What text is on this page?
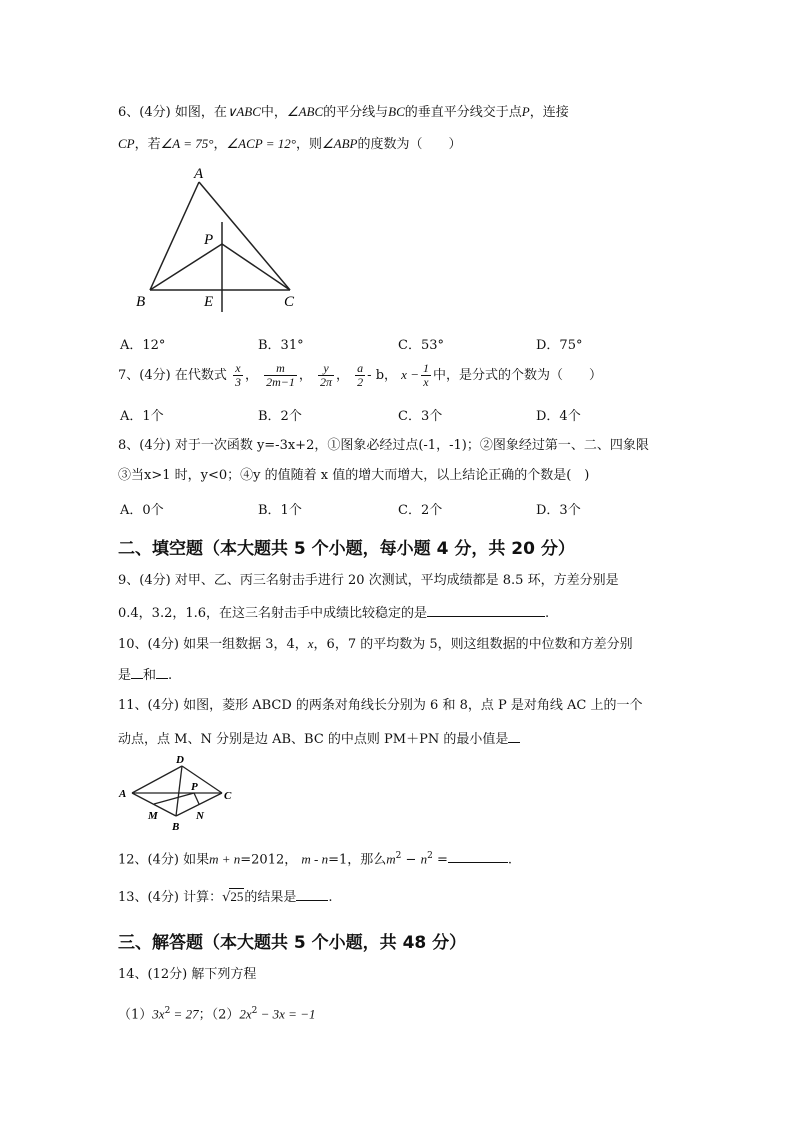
6、(4分) 如图，在∨ABC中，∠ABC的平分线与BC的垂直平分线交于点P，连接
CP，若∠A = 75°，∠ACP = 12°，则∠ABP的度数为（　　）
A
P
B	E	C
A．12°	B．31°	C．53°	D．75°
7、(4分) 在代数式 $\frac{x}{3}$ ， $\frac{m}{2m-1}$ ， $\frac{y}{2\pi}$ ， $\frac{a}{2}$ - b， $x - \frac{1}{x}$ 中，是分式的个数为（　　）
A．1个	B．2个	C．3个	D．4个
8、(4分) 对于一次函数 y=-3x+2，①图象必经过点(-1，-1)；②图象经过第一、二、四象限
③当x>1 时，y<0；④y 的值随着 x 值的增大而增大，以上结论正确的个数是(　)
A．0个	B．1个	C．2个	D．3个
二、填空题（本大题共 5 个小题，每小题 4 分，共 20 分）
9、(4分) 对甲、乙、丙三名射击手进行 20 次测试，平均成绩都是 8.5 环，方差分别是
0.4，3.2，1.6，在这三名射击手中成绩比较稳定的是	.
10、(4分) 如果一组数据 3，4，x，6，7 的平均数为 5，则这组数据的中位数和方差分别
是 和 .
11、(4分) 如图，菱形 ABCD 的两条对角线长分别为 6 和 8，点 P 是对角线 AC 上的一个
动点，点 M、N 分别是边 AB、BC 的中点则 PM＋PN 的最小值是
D
A
P
C
M	N
B
12、(4分) 如果m + n=2012， m - n=1，那么$m^2 - n^2$ =	.
13、(4分) 计算：√25的结果是 .
三、解答题（本大题共 5 个小题，共 48 分）
14、(12分) 解下列方程
$(1)3x^2 = 27$；$(2)2x^2 - 3x = -1$
